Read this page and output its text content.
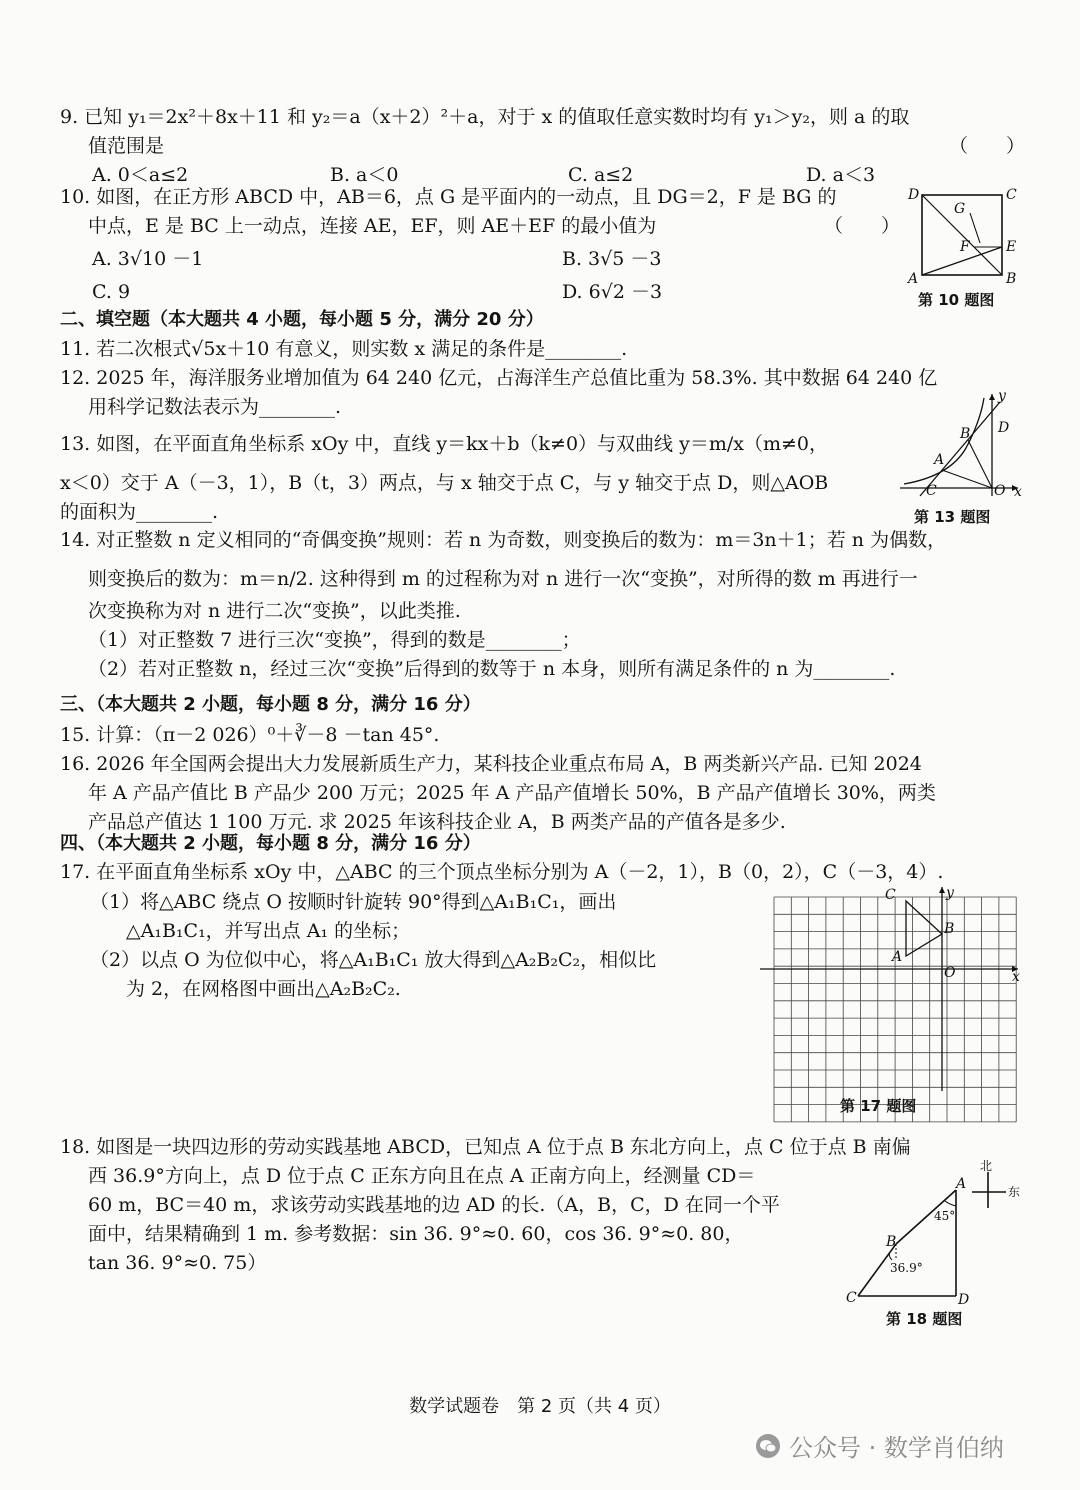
9. 已知 y₁＝2x²＋8x＋11 和 y₂＝a（x＋2）²＋a，对于 x 的值取任意实数时均有 y₁＞y₂，则 a 的取
值范围是	（　　）
A. 0＜a≤2	B. a＜0	C. a≤2	D. a＜3
10. 如图，在正方形 ABCD 中，AB＝6，点 G 是平面内的一动点，且 DG＝2，F 是 BG 的
中点，E 是 BC 上一动点，连接 AE，EF，则 AE＋EF 的最小值为	（　　）
A. 3√10 －1	B. 3√5 －3
C. 9	D. 6√2 －3
D	C
G
F	E
A	B
第 10 题图
二、填空题（本大题共 4 小题，每小题 5 分，满分 20 分）
11. 若二次根式√5x＋10 有意义，则实数 x 满足的条件是________.
12. 2025 年，海洋服务业增加值为 64 240 亿元，占海洋生产总值比重为 58.3%. 其中数据 64 240 亿
用科学记数法表示为________.
13. 如图，在平面直角坐标系 xOy 中，直线 y＝kx＋b（k≠0）与双曲线 y＝m/x（m≠0，
x＜0）交于 A（－3，1），B（t，3）两点，与 x 轴交于点 C，与 y 轴交于点 D，则△AOB
的面积为________.
y
B D
A
C	O x
第 13 题图
14. 对正整数 n 定义相同的“奇偶变换”规则：若 n 为奇数，则变换后的数为：m＝3n＋1；若 n 为偶数，
则变换后的数为：m＝n/2. 这种得到 m 的过程称为对 n 进行一次“变换”，对所得的数 m 再进行一
次变换称为对 n 进行二次“变换”，以此类推.
（1）对正整数 7 进行三次“变换”，得到的数是________；
（2）若对正整数 n，经过三次“变换”后得到的数等于 n 本身，则所有满足条件的 n 为________.
三、（本大题共 2 小题，每小题 8 分，满分 16 分）
15. 计算：（π－2 026）⁰＋∛－8 －tan 45°.
16. 2026 年全国两会提出大力发展新质生产力，某科技企业重点布局 A，B 两类新兴产品. 已知 2024
年 A 产品产值比 B 产品少 200 万元；2025 年 A 产品产值增长 50%，B 产品产值增长 30%，两类
产品总产值达 1 100 万元. 求 2025 年该科技企业 A，B 两类产品的产值各是多少.
四、（本大题共 2 小题，每小题 8 分，满分 16 分）
17. 在平面直角坐标系 xOy 中，△ABC 的三个顶点坐标分别为 A（－2，1），B（0，2），C（－3，4）.
（1）将△ABC 绕点 O 按顺时针旋转 90°得到△A₁B₁C₁，画出
△A₁B₁C₁，并写出点 A₁ 的坐标；
（2）以点 O 为位似中心，将△A₁B₁C₁ 放大得到△A₂B₂C₂，相似比
为 2，在网格图中画出△A₂B₂C₂.
C	y
B
A
O	x
第 17 题图
18. 如图是一块四边形的劳动实践基地 ABCD，已知点 A 位于点 B 东北方向上，点 C 位于点 B 南偏
西 36.9°方向上，点 D 位于点 C 正东方向且在点 A 正南方向上，经测量 CD＝
60 m，BC＝40 m，求该劳动实践基地的边 AD 的长.（A，B，C，D 在同一个平
面中，结果精确到 1 m. 参考数据：sin 36. 9°≈0. 60，cos 36. 9°≈0. 80，
tan 36. 9°≈0. 75）
北
东
A
45°
B
36.9°
C	D
第 18 题图
数学试题卷　第 2 页（共 4 页）
公众号 · 数学肖伯纳
